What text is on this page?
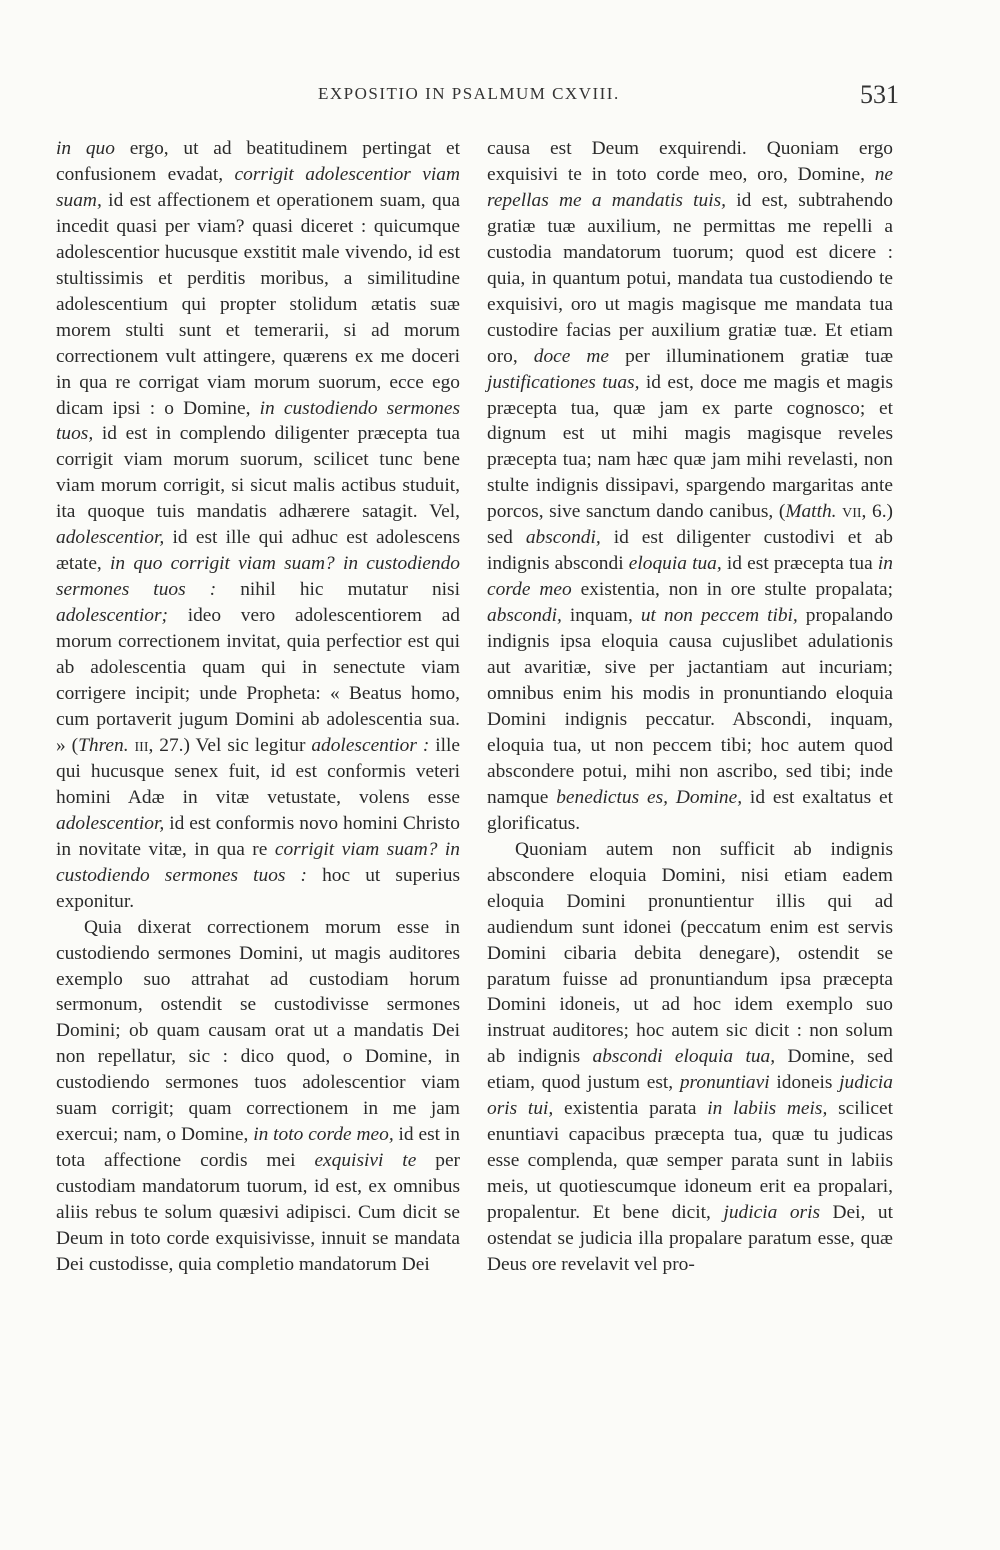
EXPOSITIO IN PSALMUM CXVIII.	531

in quo ergo, ut ad beatitudinem pertingat et confusionem evadat, corrigit adolescentior viam suam, id est affectionem et operationem suam, qua incedit quasi per viam? quasi diceret : quicumque adolescentior hucusque exstitit male vivendo, id est stultissimis et perditis moribus, a similitudine adolescentium qui propter stolidum ætatis suæ morem stulti sunt et temerarii, si ad morum correctionem vult attingere, quærens ex me doceri in qua re corrigat viam morum suorum, ecce ego dicam ipsi : o Domine, in custodiendo sermones tuos, id est in complendo diligenter præcepta tua corrigit viam morum suorum, scilicet tunc bene viam morum corrigit, si sicut malis actibus studuit, ita quoque tuis mandatis adhærere satagit. Vel, adolescentior, id est ille qui adhuc est adolescens ætate, in quo corrigit viam suam? in custodiendo sermones tuos : nihil hic mutatur nisi adolescentior; ideo vero adolescentiorem ad morum correctionem invitat, quia perfectior est qui ab adolescentia quam qui in senectute viam corrigere incipit; unde Propheta: « Beatus homo, cum portaverit jugum Domini ab adolescentia sua. » (Thren. iii, 27.) Vel sic legitur adolescentior : ille qui hucusque senex fuit, id est conformis veteri homini Adæ in vitæ vetustate, volens esse adolescentior, id est conformis novo homini Christo in novitate vitæ, in qua re corrigit viam suam? in custodiendo sermones tuos : hoc ut superius exponitur.

Quia dixerat correctionem morum esse in custodiendo sermones Domini, ut magis auditores exemplo suo attrahat ad custodiam horum sermonum, ostendit se custodivisse sermones Domini; ob quam causam orat ut a mandatis Dei non repellatur, sic : dico quod, o Domine, in custodiendo sermones tuos adolescentior viam suam corrigit; quam correctionem in me jam exercui; nam, o Domine, in toto corde meo, id est in tota affectione cordis mei exquisivi te per custodiam mandatorum tuorum, id est, ex omnibus aliis rebus te solum quæsivi adipisci. Cum dicit se Deum in toto corde exquisivisse, innuit se mandata Dei custodisse, quia completio mandatorum Dei

causa est Deum exquirendi. Quoniam ergo exquisivi te in toto corde meo, oro, Domine, ne repellas me a mandatis tuis, id est, subtrahendo gratiæ tuæ auxilium, ne permittas me repelli a custodia mandatorum tuorum; quod est dicere : quia, in quantum potui, mandata tua custodiendo te exquisivi, oro ut magis magisque me mandata tua custodire facias per auxilium gratiæ tuæ. Et etiam oro, doce me per illuminationem gratiæ tuæ justificationes tuas, id est, doce me magis et magis præcepta tua, quæ jam ex parte cognosco; et dignum est ut mihi magis magisque reveles præcepta tua; nam hæc quæ jam mihi revelasti, non stulte indignis dissipavi, spargendo margaritas ante porcos, sive sanctum dando canibus, (Matth. vii, 6.) sed abscondi, id est diligenter custodivi et ab indignis abscondi eloquia tua, id est præcepta tua in corde meo existentia, non in ore stulte propalata; abscondi, inquam, ut non peccem tibi, propalando indignis ipsa eloquia causa cujuslibet adulationis aut avaritiæ, sive per jactantiam aut incuriam; omnibus enim his modis in pronuntiando eloquia Domini indignis peccatur. Abscondi, inquam, eloquia tua, ut non peccem tibi; hoc autem quod abscondere potui, mihi non ascribo, sed tibi; inde namque benedictus es, Domine, id est exaltatus et glorificatus.

Quoniam autem non sufficit ab indignis abscondere eloquia Domini, nisi etiam eadem eloquia Domini pronuntientur illis qui ad audiendum sunt idonei (peccatum enim est servis Domini cibaria debita denegare), ostendit se paratum fuisse ad pronuntiandum ipsa præcepta Domini idoneis, ut ad hoc idem exemplo suo instruat auditores; hoc autem sic dicit : non solum ab indignis abscondi eloquia tua, Domine, sed etiam, quod justum est, pronuntiavi idoneis judicia oris tui, existentia parata in labiis meis, scilicet enuntiavi capacibus præcepta tua, quæ tu judicas esse complenda, quæ semper parata sunt in labiis meis, ut quotiescumque idoneum erit ea propalari, propalentur. Et bene dicit, judicia oris Dei, ut ostendat se judicia illa propalare paratum esse, quæ Deus ore revelavit vel pro-
